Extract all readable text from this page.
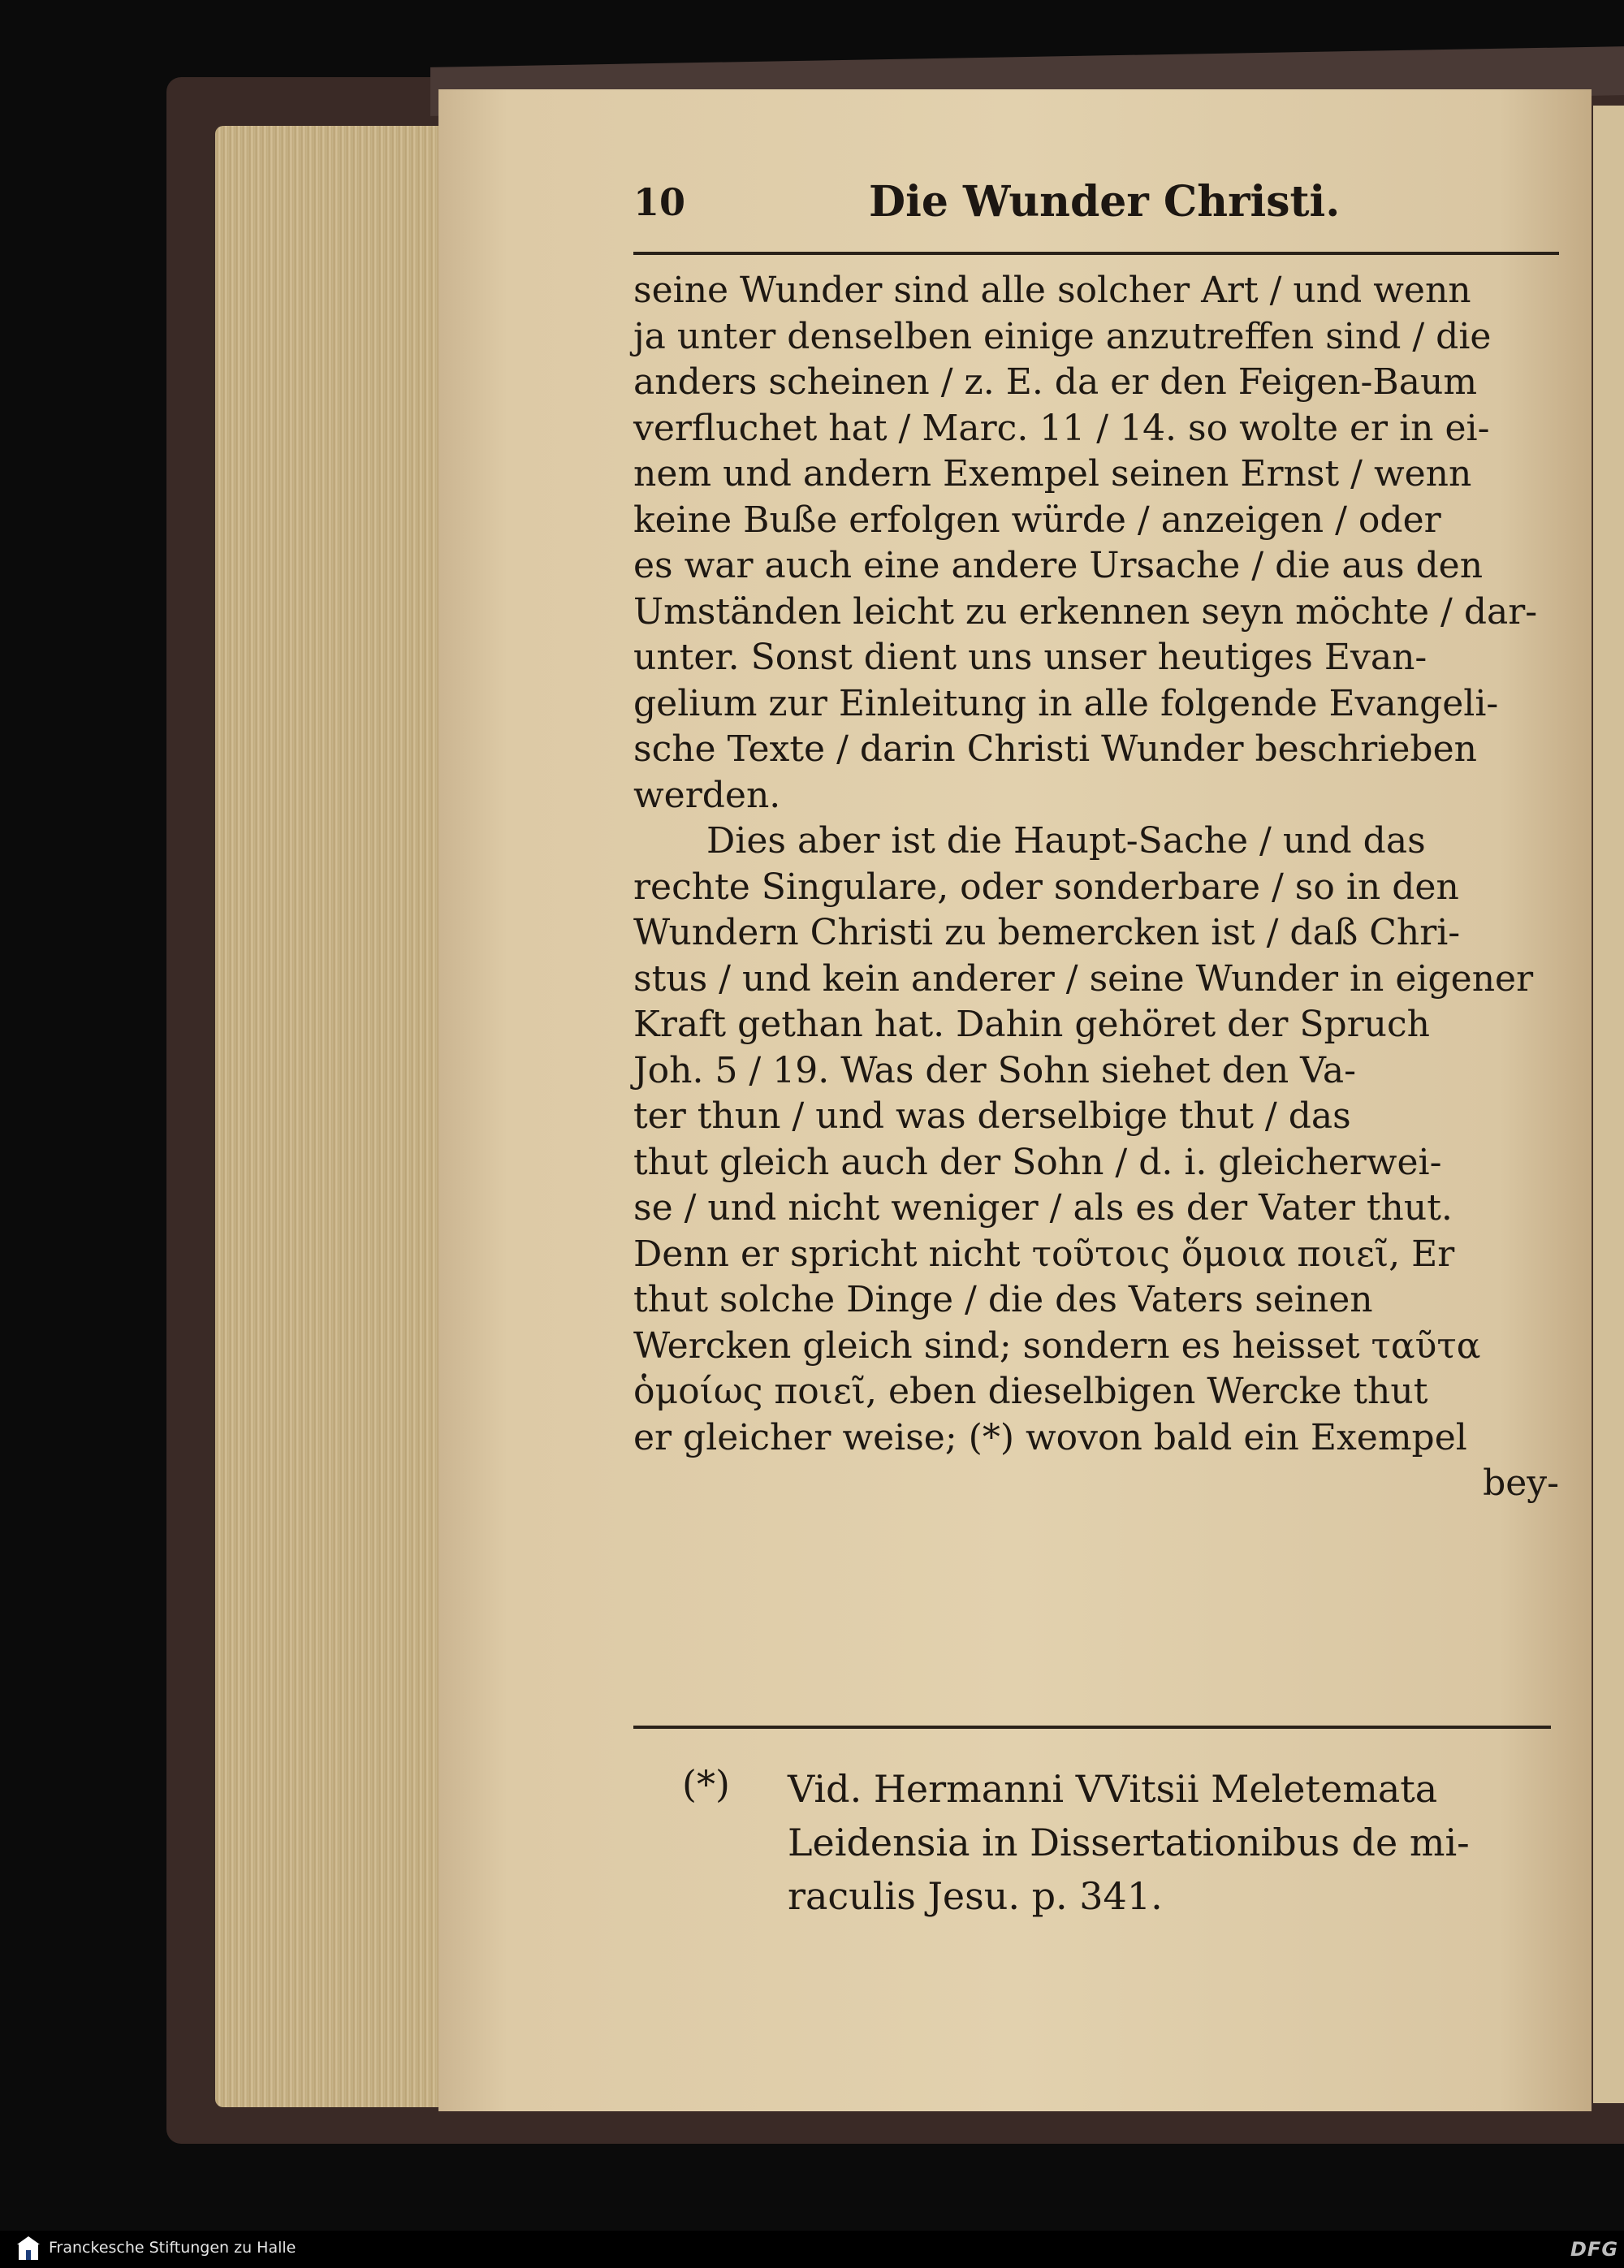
10	Die Wunder Christi.
seine Wunder sind alle solcher Art / und wenn
ja unter denselben einige anzutreffen sind / die
anders scheinen / z. E. da er den Feigen-Baum
verfluchet hat / Marc. 11 / 14. so wolte er in ei-
nem und andern Exempel seinen Ernst / wenn
keine Buße erfolgen würde / anzeigen / oder
es war auch eine andere Ursache / die aus den
Umständen leicht zu erkennen seyn möchte / dar-
unter. Sonst dient uns unser heutiges Evan-
gelium zur Einleitung in alle folgende Evangeli-
sche Texte / darin Christi Wunder beschrieben
werden.
Dies aber ist die Haupt-Sache / und das
rechte Singulare, oder sonderbare / so in den
Wundern Christi zu bemercken ist / daß Chri-
stus / und kein anderer / seine Wunder in eigener
Kraft gethan hat. Dahin gehöret der Spruch
Joh. 5 / 19. Was der Sohn siehet den Va-
ter thun / und was derselbige thut / das
thut gleich auch der Sohn / d. i. gleicherwei-
se / und nicht weniger / als es der Vater thut.
Denn er spricht nicht τοῦτοις ὅμοια ποιεῖ, Er
thut solche Dinge / die des Vaters seinen
Wercken gleich sind; sondern es heisset ταῦτα
ὁμοίως ποιεῖ, eben dieselbigen Wercke thut
er gleicher weise; (*) wovon bald ein Exempel
bey-
(*) Vid. Hermanni VVitsii Meletemata
Leidensia in Dissertationibus de mi-
raculis Jesu. p. 341.
Franckesche Stiftungen zu Halle	DFG
